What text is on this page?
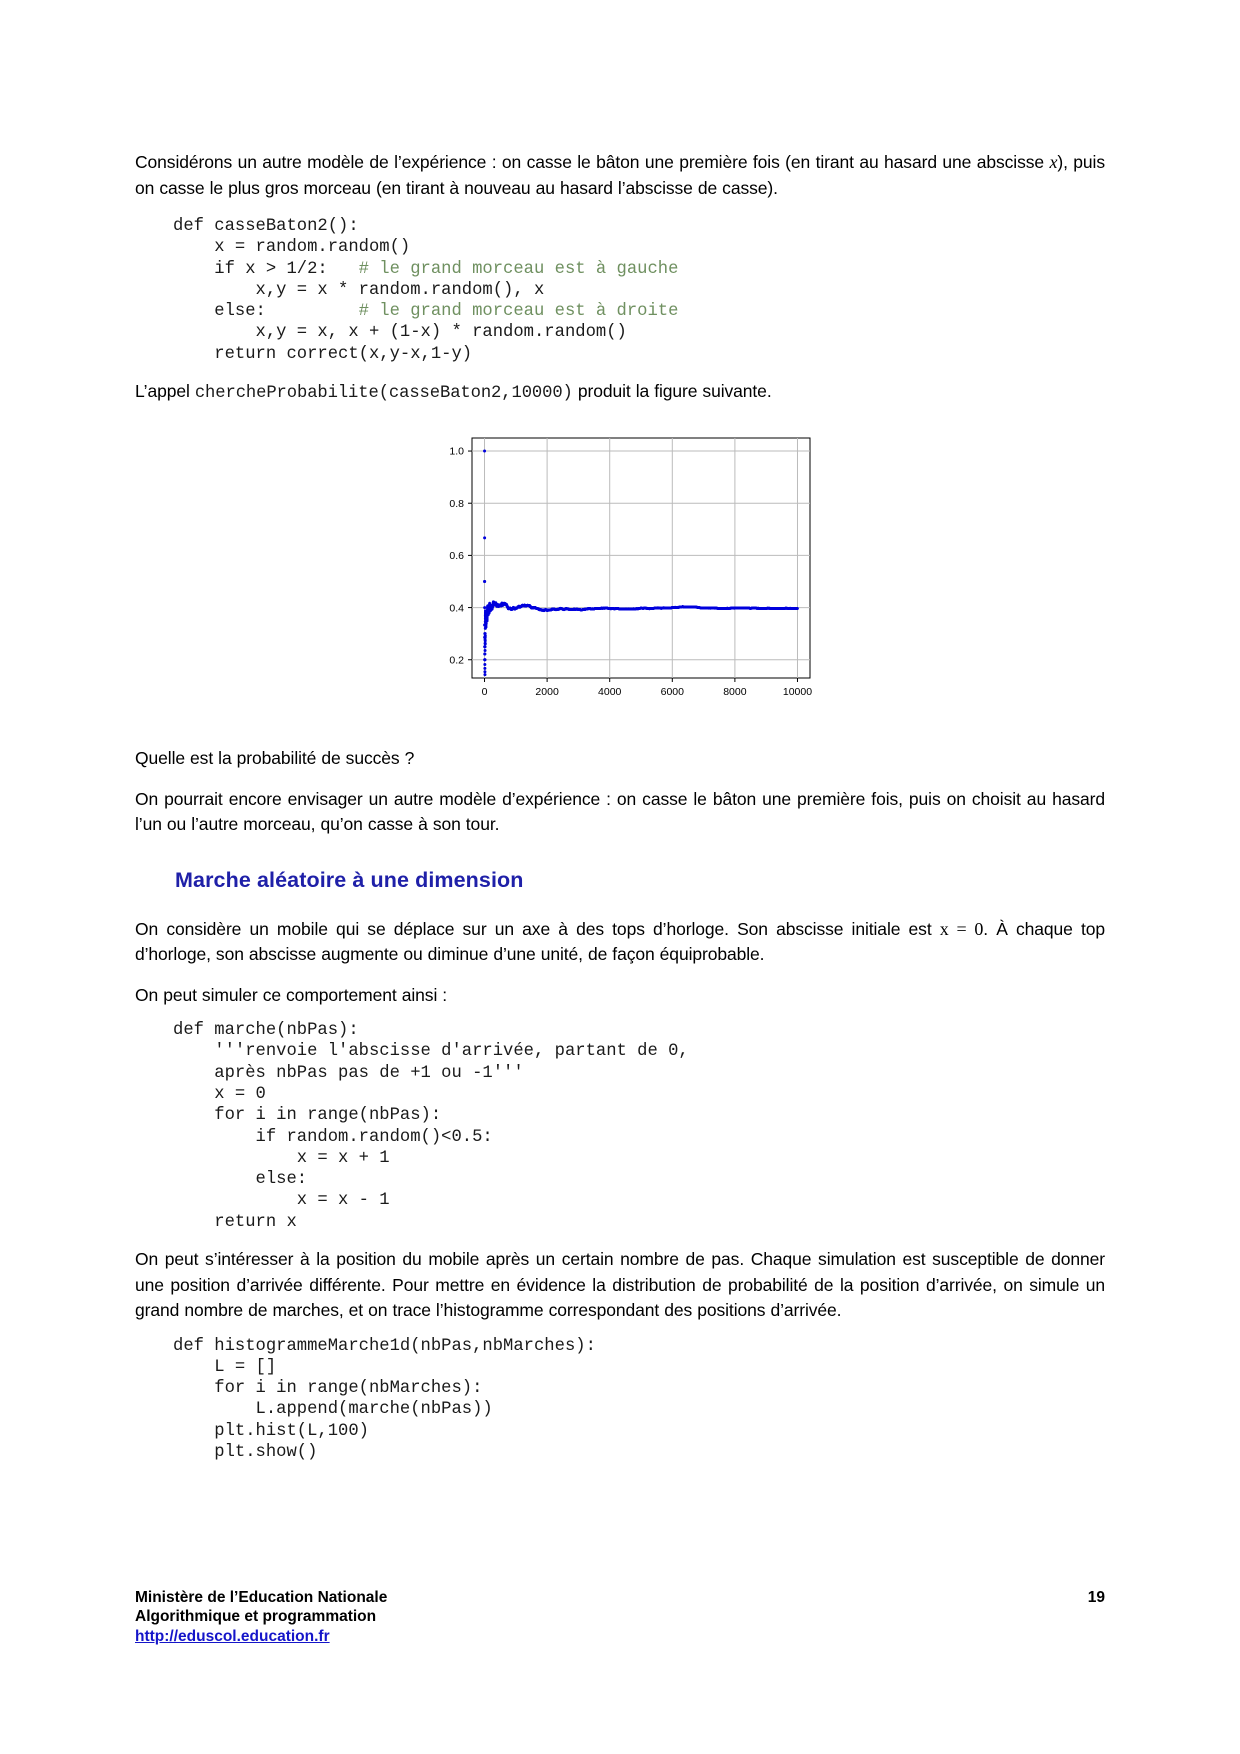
Considérons un autre modèle de l’expérience : on casse le bâton une première fois (en tirant au hasard une abscisse x), puis on casse le plus gros morceau (en tirant à nouveau au hasard l’abscisse de casse).

def casseBaton2():
x = random.random()
if x > 1/2:   # le grand morceau est à gauche
x,y = x * random.random(), x
else:         # le grand morceau est à droite
x,y = x, x + (1-x) * random.random()
return correct(x,y-x,1-y)

L’appel chercheProbabilite(casseBaton2,10000) produit la figure suivante.

0.2
0.4
0.6
0.8
1.0
0	2000	4000	6000	8000	10000

Quelle est la probabilité de succès ?

On pourrait encore envisager un autre modèle d’expérience : on casse le bâton une première fois, puis on choisit au hasard l’un ou l’autre morceau, qu’on casse à son tour.

Marche aléatoire à une dimension

On considère un mobile qui se déplace sur un axe à des tops d’horloge. Son abscisse initiale est x = 0. À chaque top d’horloge, son abscisse augmente ou diminue d’une unité, de façon équiprobable.

On peut simuler ce comportement ainsi :

def marche(nbPas):
'''renvoie l'abscisse d'arrivée, partant de 0,
après nbPas pas de +1 ou -1'''
x = 0
for i in range(nbPas):
if random.random()<0.5:
x = x + 1
else:
x = x - 1
return x

On peut s’intéresser à la position du mobile après un certain nombre de pas. Chaque simulation est susceptible de donner une position d’arrivée différente. Pour mettre en évidence la distribution de probabilité de la position d’arrivée, on simule un grand nombre de marches, et on trace l’histogramme correspondant des positions d’arrivée.

def histogrammeMarche1d(nbPas,nbMarches):
L = []
for i in range(nbMarches):
L.append(marche(nbPas))
plt.hist(L,100)
plt.show()
Ministère de l’Education Nationale
Algorithmique et programmation
http://eduscol.education.fr
19
